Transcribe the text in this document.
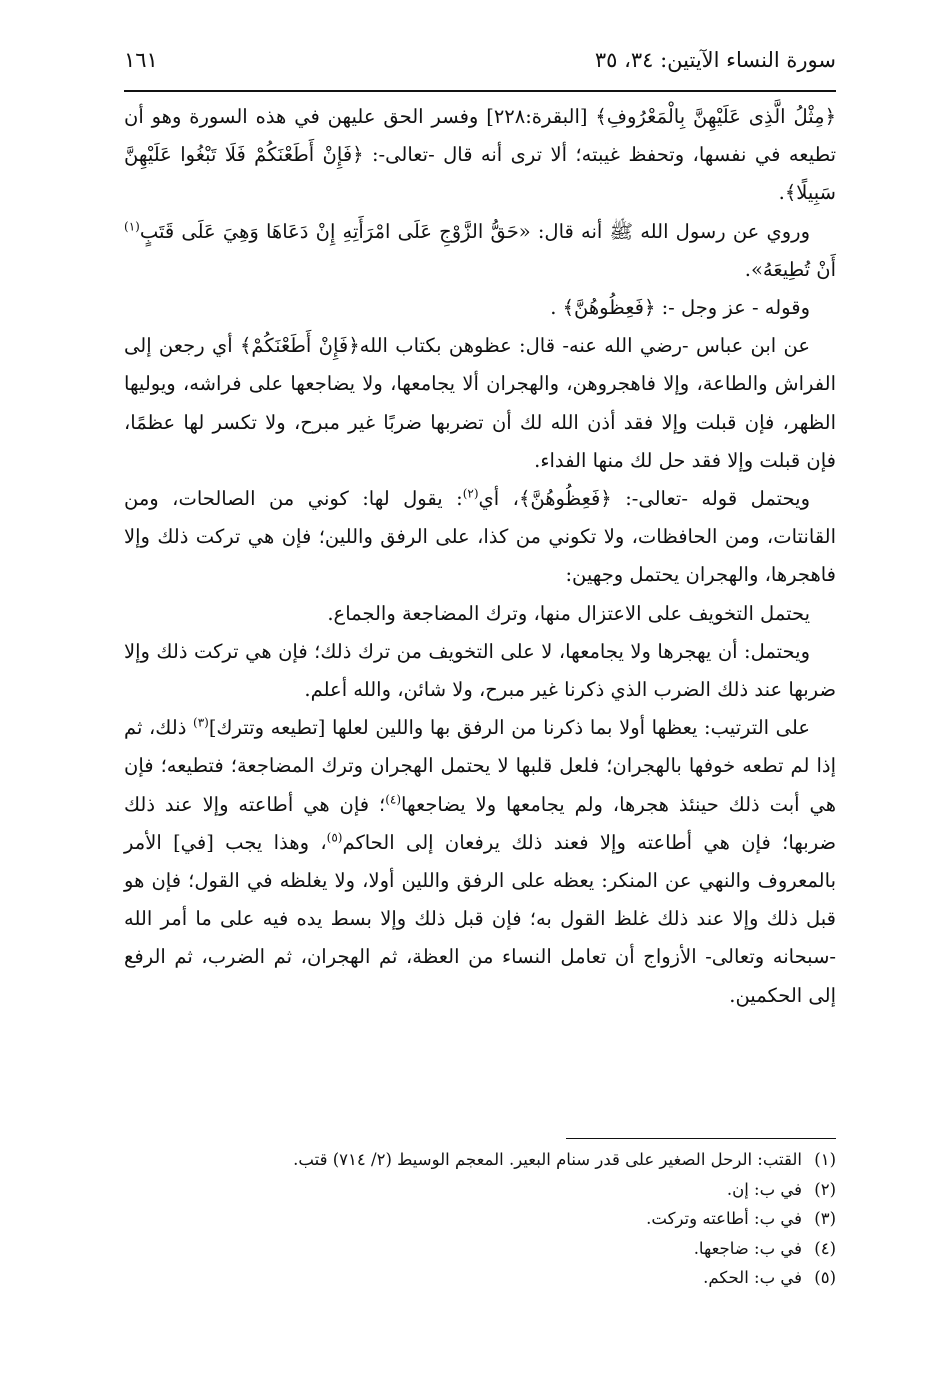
سورة النساء الآيتين: ٣٤، ٣٥
١٦١

﴿مِثْلُ الَّذِى عَلَيْهِنَّ بِالْمَعْرُوفِ﴾ [البقرة:٢٢٨] وفسر الحق عليهن في هذه السورة وهو أن تطيعه في نفسها، وتحفظ غيبته؛ ألا ترى أنه قال -تعالى-: ﴿فَإِنْ أَطَعْنَكُمْ فَلَا تَبْغُوا عَلَيْهِنَّ سَبِيلًا﴾.

وروي عن رسول الله ﷺ أنه قال: «حَقُّ الزَّوْجِ عَلَى امْرَأَتِهِ إِنْ دَعَاهَا وَهِيَ عَلَى قَتَبٍ$^{(١)}$ أَنْ تُطِيعَهُ».

وقوله - عز وجل -: ﴿فَعِظُوهُنَّ﴾ .

عن ابن عباس -رضي الله عنه- قال: عظوهن بكتاب الله﴿فَإِنْ أَطَعْنَكُمْ﴾ أي رجعن إلى الفراش والطاعة، وإلا فاهجروهن، والهجران ألا يجامعها، ولا يضاجعها على فراشه، ويوليها الظهر، فإن قبلت وإلا فقد أذن الله لك أن تضربها ضربًا غير مبرح، ولا تكسر لها عظمًا، فإن قبلت وإلا فقد حل لك منها الفداء.

ويحتمل قوله -تعالى-: ﴿فَعِظُوهُنَّ﴾، أي$^{(٢)}$: يقول لها: كوني من الصالحات، ومن القانتات، ومن الحافظات، ولا تكوني من كذا، على الرفق واللين؛ فإن هي تركت ذلك وإلا فاهجرها، والهجران يحتمل وجهين:

يحتمل التخويف على الاعتزال منها، وترك المضاجعة والجماع.

ويحتمل: أن يهجرها ولا يجامعها، لا على التخويف من ترك ذلك؛ فإن هي تركت ذلك وإلا ضربها عند ذلك الضرب الذي ذكرنا غير مبرح، ولا شائن، والله أعلم.

على الترتيب: يعظها أولا بما ذكرنا من الرفق بها واللين لعلها [تطيعه وتترك]$^{(٣)}$ ذلك، ثم إذا لم تطعه خوفها بالهجران؛ فلعل قلبها لا يحتمل الهجران وترك المضاجعة؛ فتطيعه؛ فإن هي أبت ذلك حينئذ هجرها، ولم يجامعها ولا يضاجعها$^{(٤)}$؛ فإن هي أطاعته وإلا عند ذلك ضربها؛ فإن هي أطاعته وإلا فعند ذلك يرفعان إلى الحاكم$^{(٥)}$، وهذا يجب [في] الأمر بالمعروف والنهي عن المنكر: يعظه على الرفق واللين أولا، ولا يغلظه في القول؛ فإن هو قبل ذلك وإلا عند ذلك غلظ القول به؛ فإن قبل ذلك وإلا بسط يده فيه على ما أمر الله -سبحانه وتعالى- الأزواج أن تعامل النساء من العظة، ثم الهجران، ثم الضرب، ثم الرفع إلى الحكمين.

(١)القتب: الرحل الصغير على قدر سنام البعير. المعجم الوسيط (٢/ ٧١٤) قتب.
(٢)في ب: إن.
(٣)في ب: أطاعته وتركت.
(٤)في ب: ضاجعها.
(٥)في ب: الحكم.
